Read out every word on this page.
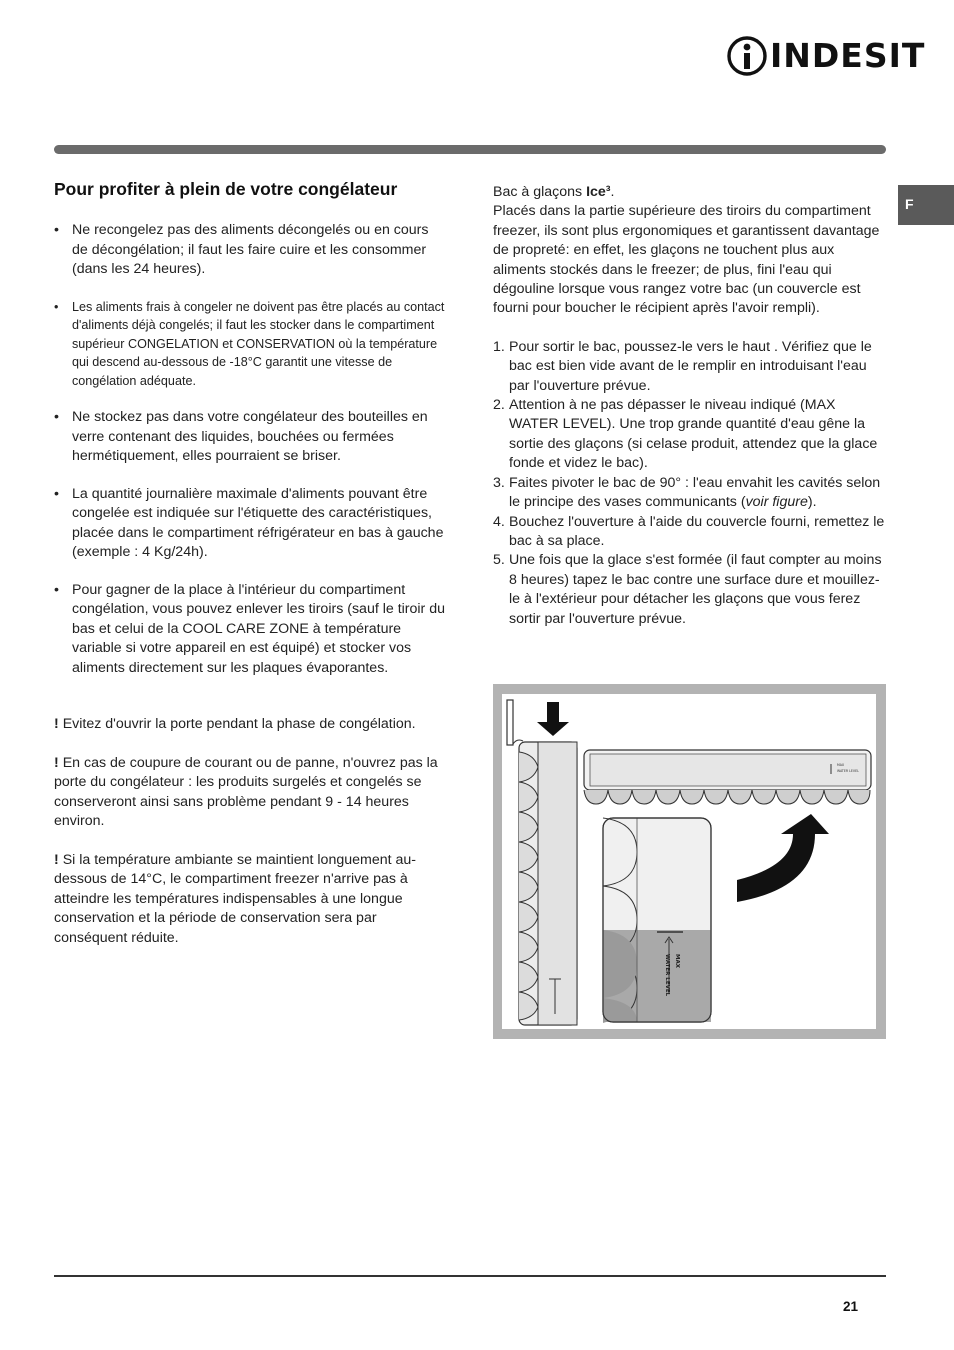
INDESIT
F
Pour profiter à plein de votre congélateur
• Ne recongelez pas des aliments décongelés ou en cours de décongélation; il faut les faire cuire et les consommer (dans les 24 heures).
• Les aliments frais à congeler ne doivent pas être placés au contact d'aliments déjà congelés; il faut les stocker dans le compartiment supérieur CONGELATION et CONSERVATION où la température qui descend au-dessous de -18°C garantit une vitesse de congélation adéquate.
• Ne stockez pas dans votre congélateur des bouteilles en verre contenant des liquides, bouchées ou fermées hermétiquement, elles pourraient se briser.
• La quantité journalière maximale d'aliments pouvant être congelée est indiquée sur l'étiquette des caractéristiques, placée dans le compartiment réfrigérateur en bas à gauche (exemple : 4 Kg/24h).
• Pour gagner de la place à l'intérieur du compartiment congélation, vous pouvez enlever les tiroirs (sauf le tiroir du bas et celui de la COOL CARE ZONE à température variable si votre appareil en est équipé) et stocker vos aliments directement sur les plaques évaporantes.

! Evitez d'ouvrir la porte pendant la phase de congélation.

! En cas de coupure de courant ou de panne, n'ouvrez pas la porte du congélateur : les produits surgelés et congelés se conserveront ainsi sans problème pendant 9 - 14 heures environ.

! Si la température ambiante se maintient longuement au-dessous de 14°C, le compartiment freezer n'arrive pas à atteindre les températures indispensables à une longue conservation et la période de conservation sera par conséquent réduite.

Bac à glaçons Ice³.

Placés dans la partie supérieure des tiroirs du compartiment freezer, ils sont plus ergonomiques et garantissent davantage de propreté: en effet, les glaçons ne touchent plus aux aliments stockés dans le freezer; de plus, fini l'eau qui dégouline lorsque vous rangez votre bac (un couvercle est fourni pour boucher le récipient après l'avoir rempli).

1. Pour sortir le bac, poussez-le vers le haut . Vérifiez que le bac est bien vide avant de le remplir en introduisant l'eau par l'ouverture prévue.
2. Attention à ne pas dépasser le niveau indiqué (MAX WATER LEVEL). Une trop grande quantité d'eau gêne la sortie des glaçons (si celase produit, attendez que la glace fonde et videz le bac).
3. Faites pivoter le bac de 90° : l'eau envahit les cavités selon le principe des vases communicants (voir figure).
4. Bouchez l'ouverture à l'aide du couvercle fourni, remettez le bac à sa place.
5. Une fois que la glace s'est formée (il faut compter au moins 8 heures) tapez le bac contre une surface dure et mouillez-le à l'extérieur pour détacher les glaçons que vous ferez sortir par l'ouverture prévue.
MAX
WATER LEVEL
MAX
WATER LEVEL
21
